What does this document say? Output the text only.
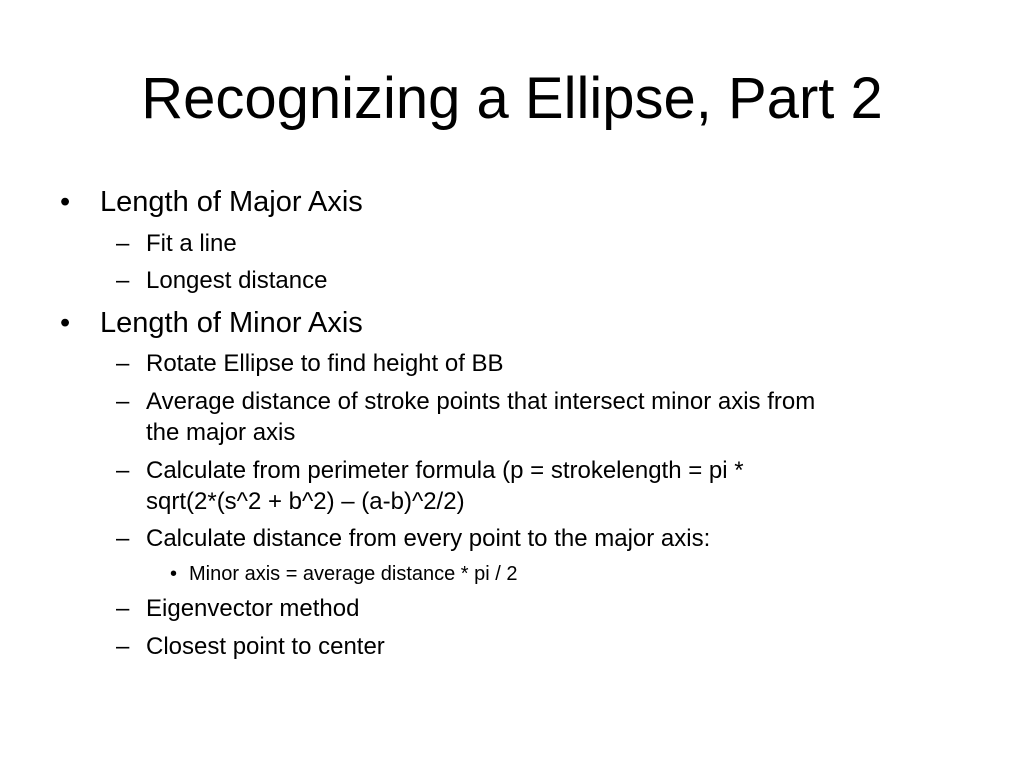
Recognizing a Ellipse, Part 2
• Length of Major Axis
– Fit a line
– Longest distance
• Length of Minor Axis
– Rotate Ellipse to find height of BB
– Average distance of stroke points that intersect minor axis from
the major axis
– Calculate from perimeter formula (p = strokelength = pi *
sqrt(2*(s^2 + b^2) – (a-b)^2/2)
– Calculate distance from every point to the major axis:
• Minor axis = average distance * pi / 2
– Eigenvector method
– Closest point to center
